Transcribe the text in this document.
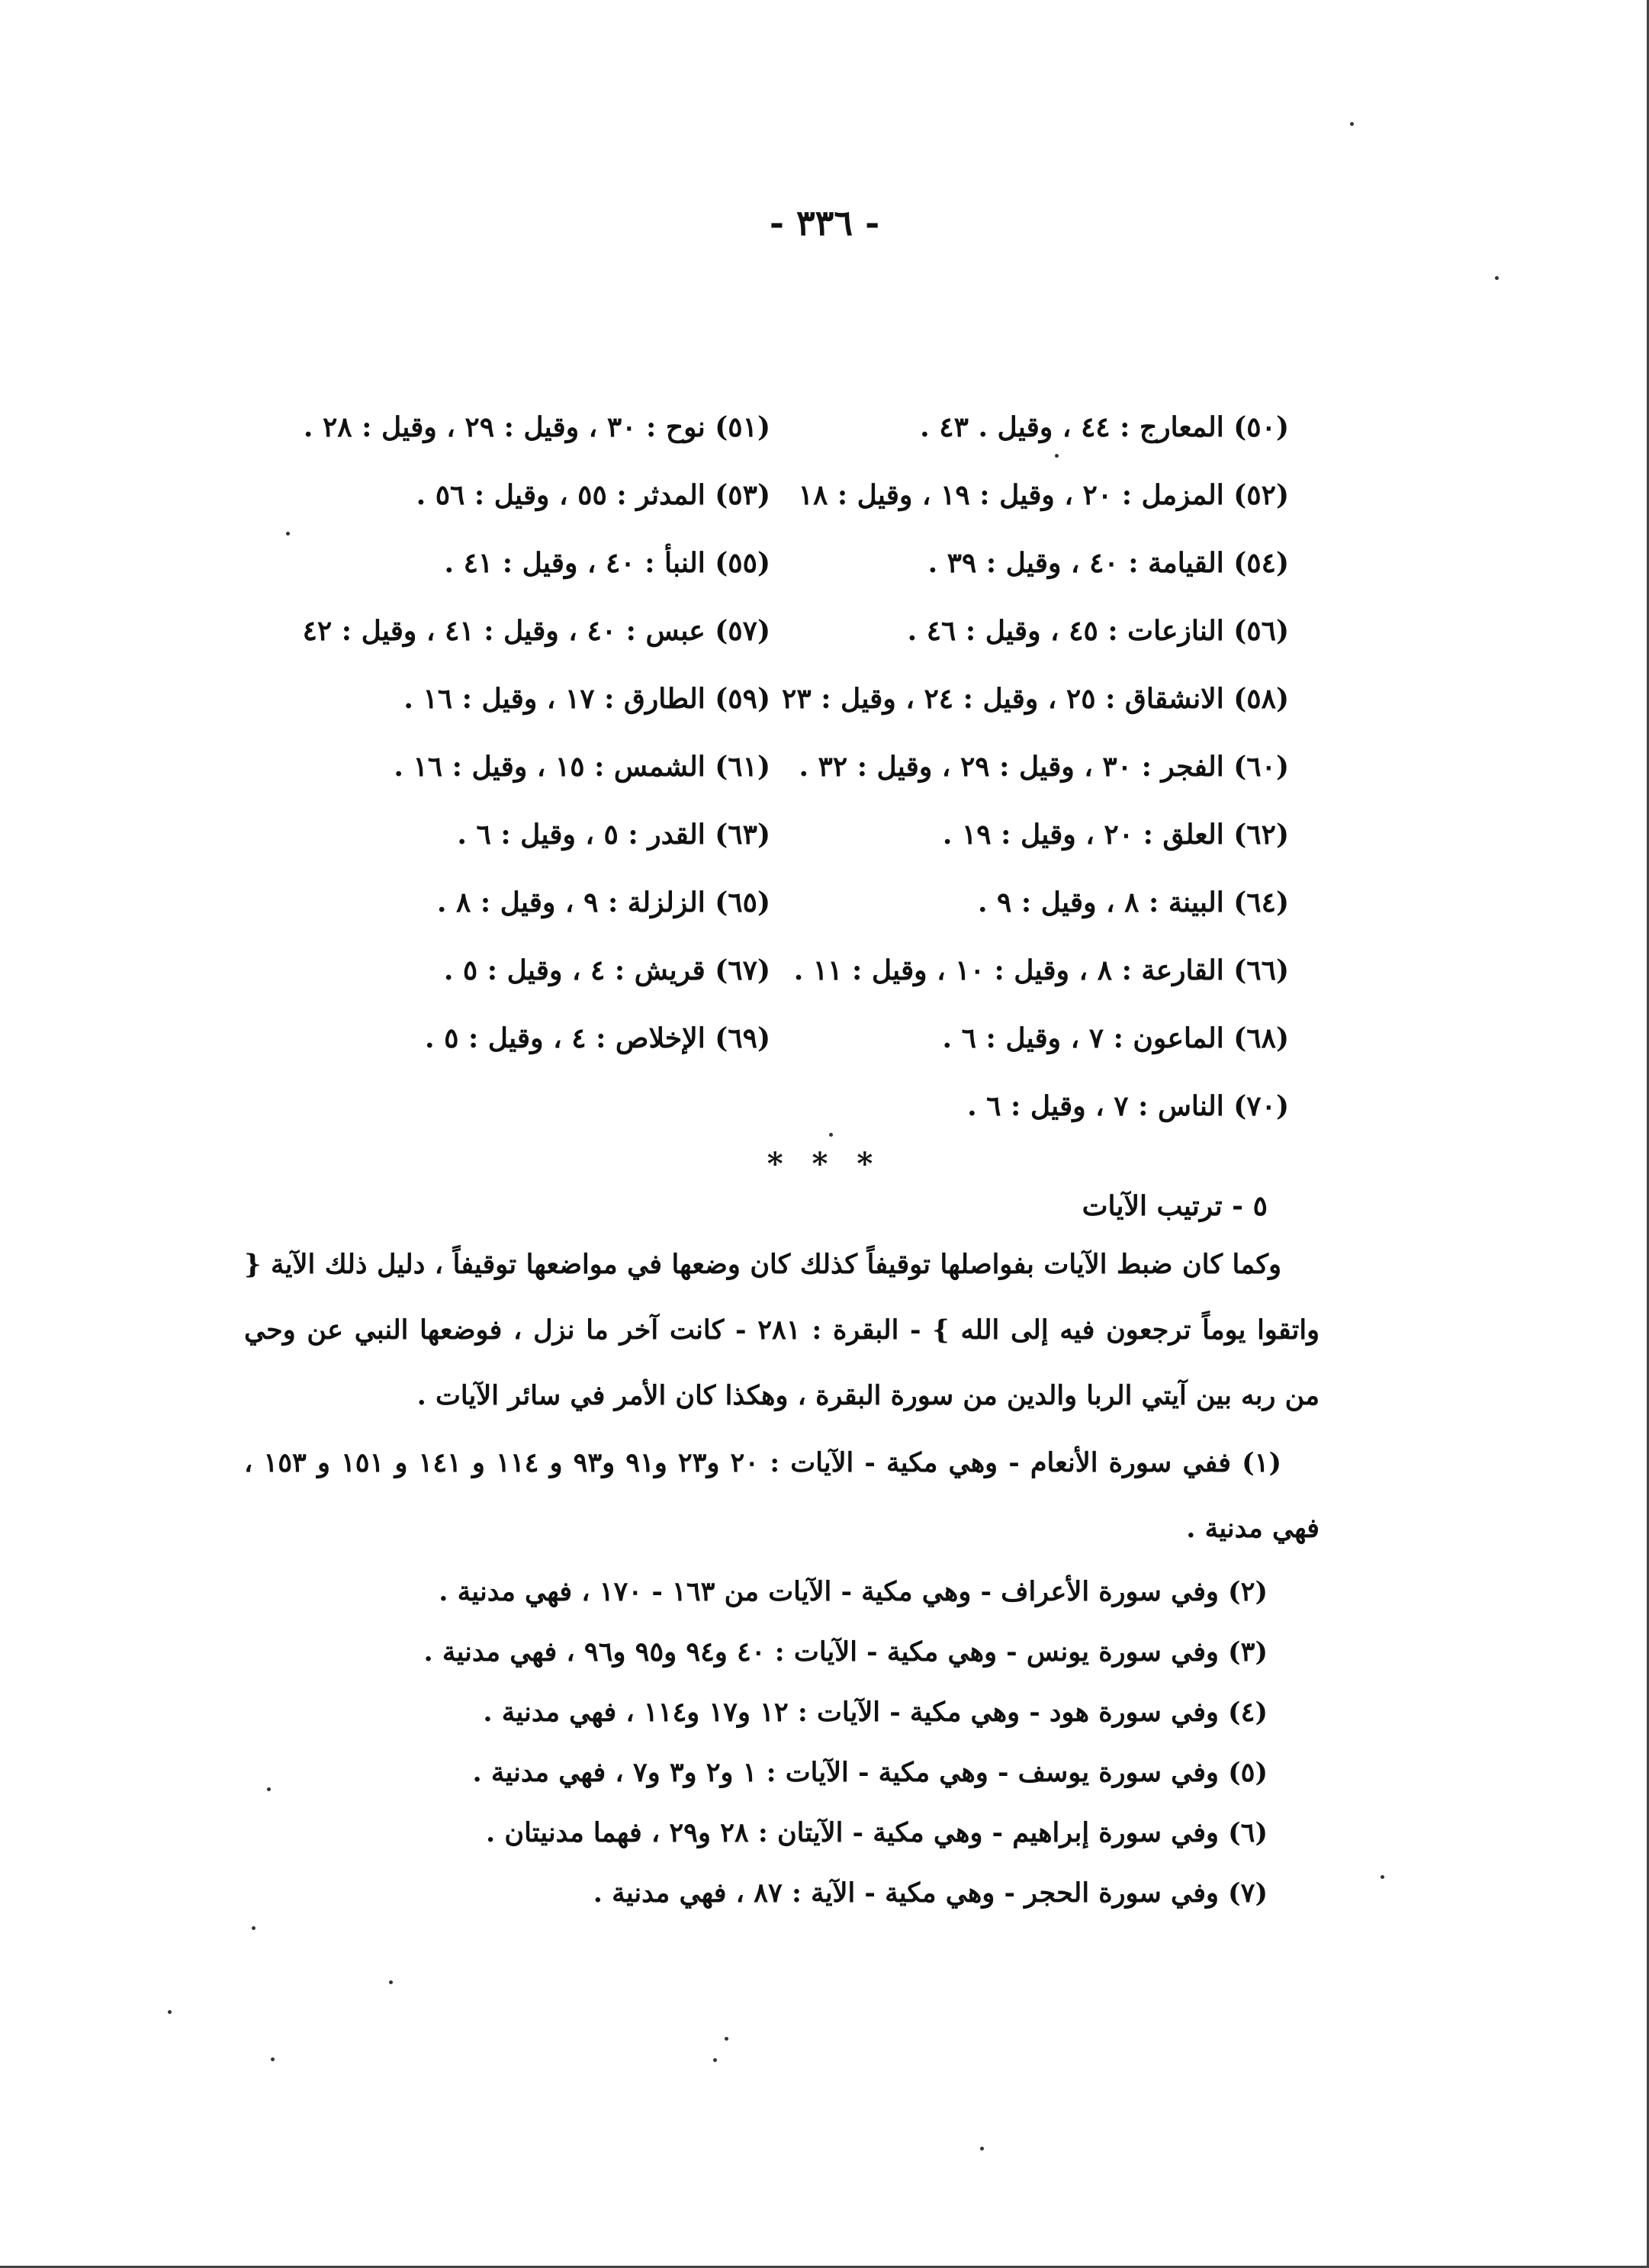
- ٣٣٦ -
(٥٠) المعارج : ٤٤ ، وقيل . ٤٣ .
(٥١) نوح : ٣٠ ، وقيل : ٢٩ ، وقيل : ٢٨ .
(٥٢) المزمل : ٢٠ ، وقيل : ١٩ ، وقيل : ١٨
(٥٣) المدثر : ٥٥ ، وقيل : ٥٦ .
(٥٤) القيامة : ٤٠ ، وقيل : ٣٩ .
(٥٥) النبأ : ٤٠ ، وقيل : ٤١ .
(٥٦) النازعات : ٤٥ ، وقيل : ٤٦ .
(٥٧) عبس : ٤٠ ، وقيل : ٤١ ، وقيل : ٤٢
(٥٨) الانشقاق : ٢٥ ، وقيل : ٢٤ ، وقيل : ٢٣
(٥٩) الطارق : ١٧ ، وقيل : ١٦ .
(٦٠) الفجر : ٣٠ ، وقيل : ٢٩ ، وقيل : ٣٢ .
(٦١) الشمس : ١٥ ، وقيل : ١٦ .
(٦٢) العلق : ٢٠ ، وقيل : ١٩ .
(٦٣) القدر : ٥ ، وقيل : ٦ .
(٦٤) البينة : ٨ ، وقيل : ٩ .
(٦٥) الزلزلة : ٩ ، وقيل : ٨ .
(٦٦) القارعة : ٨ ، وقيل : ١٠ ، وقيل : ١١ .
(٦٧) قريش : ٤ ، وقيل : ٥ .
(٦٨) الماعون : ٧ ، وقيل : ٦ .
(٦٩) الإخلاص : ٤ ، وقيل : ٥ .
(٧٠) الناس : ٧ ، وقيل : ٦ .
* * *
٥ - ترتيب الآيات
وكما كان ضبط الآيات بفواصلها توقيفاً كذلك كان وضعها في مواضعها توقيفاً ، دليل ذلك الآية { واتقوا يوماً ترجعون فيه إلى الله } - البقرة : ٢٨١ - كانت آخر ما نزل ، فوضعها النبي عن وحي من ربه بين آيتي الربا والدين من سورة البقرة ، وهكذا كان الأمر في سائر الآيات .
(١) ففي سورة الأنعام - وهي مكية - الآيات : ٢٠ و٢٣ و٩١ و٩٣ و ١١٤ و ١٤١ و ١٥١ و ١٥٣ ، فهي مدنية .
(٢) وفي سورة الأعراف - وهي مكية - الآيات من ١٦٣ - ١٧٠ ، فهي مدنية .
(٣) وفي سورة يونس - وهي مكية - الآيات : ٤٠ و٩٤ و٩٥ و٩٦ ، فهي مدنية .
(٤) وفي سورة هود - وهي مكية - الآيات : ١٢ و١٧ و١١٤ ، فهي مدنية .
(٥) وفي سورة يوسف - وهي مكية - الآيات : ١ و٢ و٣ و٧ ، فهي مدنية .
(٦) وفي سورة إبراهيم - وهي مكية - الآيتان : ٢٨ و٢٩ ، فهما مدنيتان .
(٧) وفي سورة الحجر - وهي مكية - الآية : ٨٧ ، فهي مدنية .
